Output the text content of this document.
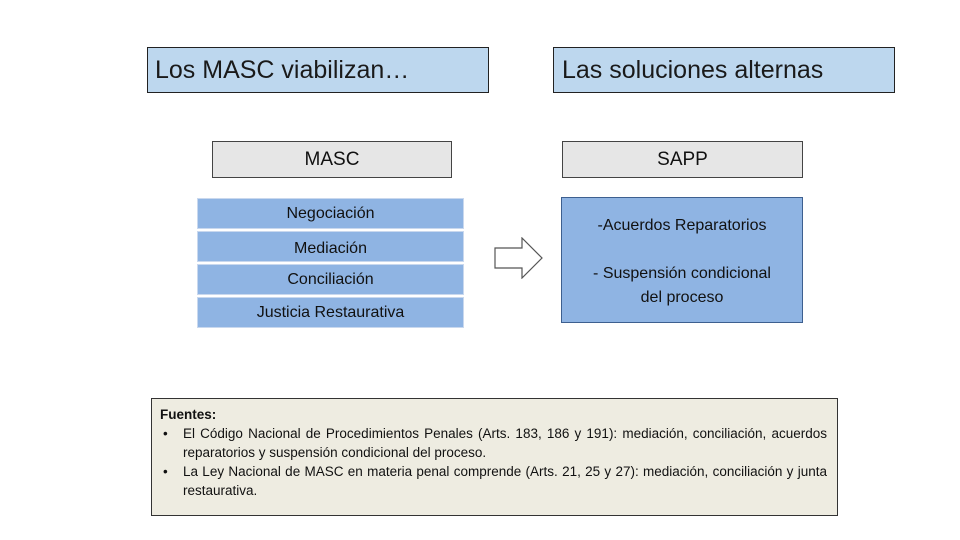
Los MASC viabilizan…	Las soluciones alternas
MASC	SAPP
Negociación
Mediación
Conciliación
Justicia Restaurativa
-Acuerdos Reparatorios
- Suspensión condicional
del proceso
Fuentes:
• El Código Nacional de Procedimientos Penales (Arts. 183, 186 y 191): mediación, conciliación, acuerdos reparatorios y suspensión condicional del proceso.
• La Ley Nacional de MASC en materia penal comprende (Arts. 21, 25 y 27): mediación, conciliación y junta restaurativa.
